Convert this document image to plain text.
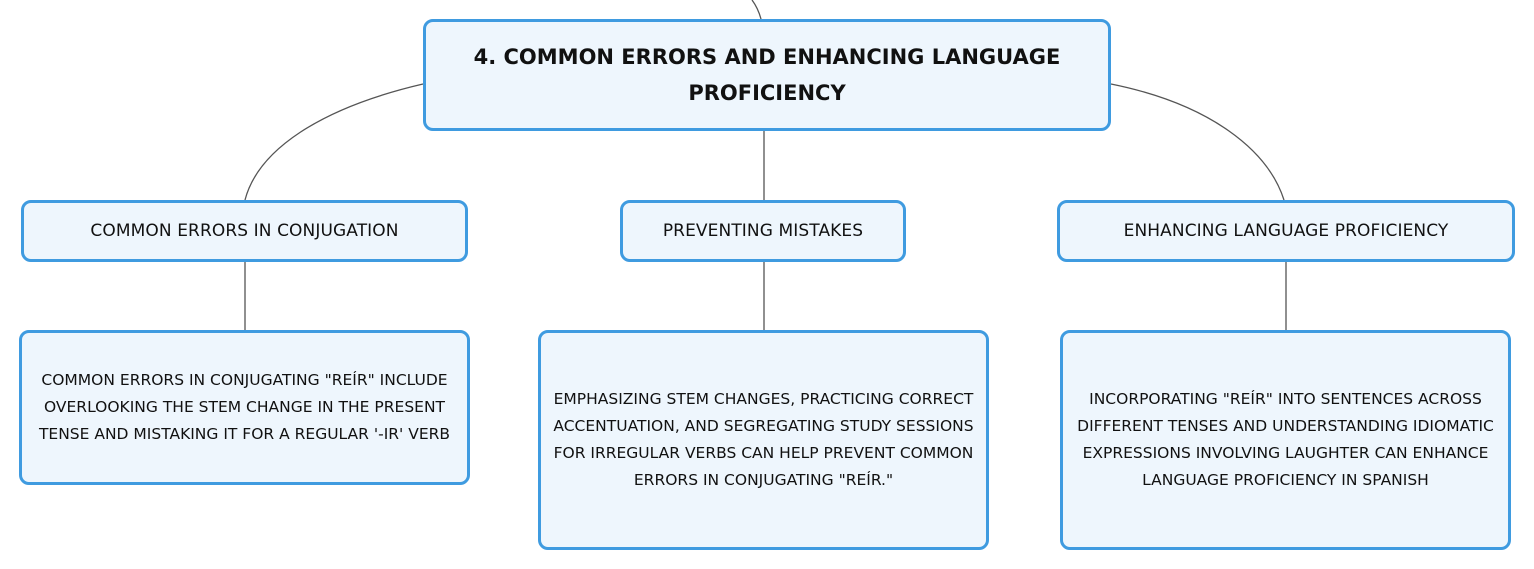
4. COMMON ERRORS AND ENHANCING LANGUAGE PROFICIENCY
COMMON ERRORS IN CONJUGATION	PREVENTING MISTAKES	ENHANCING LANGUAGE PROFICIENCY
COMMON ERRORS IN CONJUGATING "REÍR" INCLUDE OVERLOOKING THE STEM CHANGE IN THE PRESENT TENSE AND MISTAKING IT FOR A REGULAR '-IR' VERB
EMPHASIZING STEM CHANGES, PRACTICING CORRECT ACCENTUATION, AND SEGREGATING STUDY SESSIONS FOR IRREGULAR VERBS CAN HELP PREVENT COMMON ERRORS IN CONJUGATING "REÍR."
INCORPORATING "REÍR" INTO SENTENCES ACROSS DIFFERENT TENSES AND UNDERSTANDING IDIOMATIC EXPRESSIONS INVOLVING LAUGHTER CAN ENHANCE LANGUAGE PROFICIENCY IN SPANISH
